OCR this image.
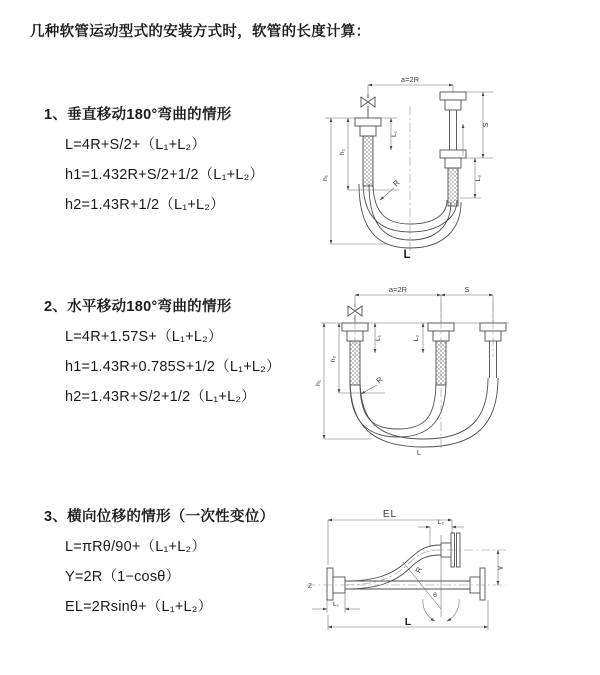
几种软管运动型式的安装方式时，软管的长度计算：
1、垂直移动180°弯曲的情形
L=4R+S/2+（L₁+L₂）
h1=1.432R+S/2+1/2（L₁+L₂）
h2=1.43R+1/2（L₁+L₂）
2、水平移动180°弯曲的情形
L=4R+1.57S+（L₁+L₂）
h1=1.43R+0.785S+1/2（L₁+L₂）
h2=1.43R+S/2+1/2（L₁+L₂）
3、横向位移的情形（一次性变位）
L=πRθ/90+（L₁+L₂）
Y=2R（1−cosθ）
EL=2Rsinθ+（L₁+L₂）
a=2R
L₁
S
L₂
h₂
h₁
R
L
a=2R	S
L₁	L₂
h₂
h₁	R
L
EL
L₂
θ
R	Y
Z
L₁
L
